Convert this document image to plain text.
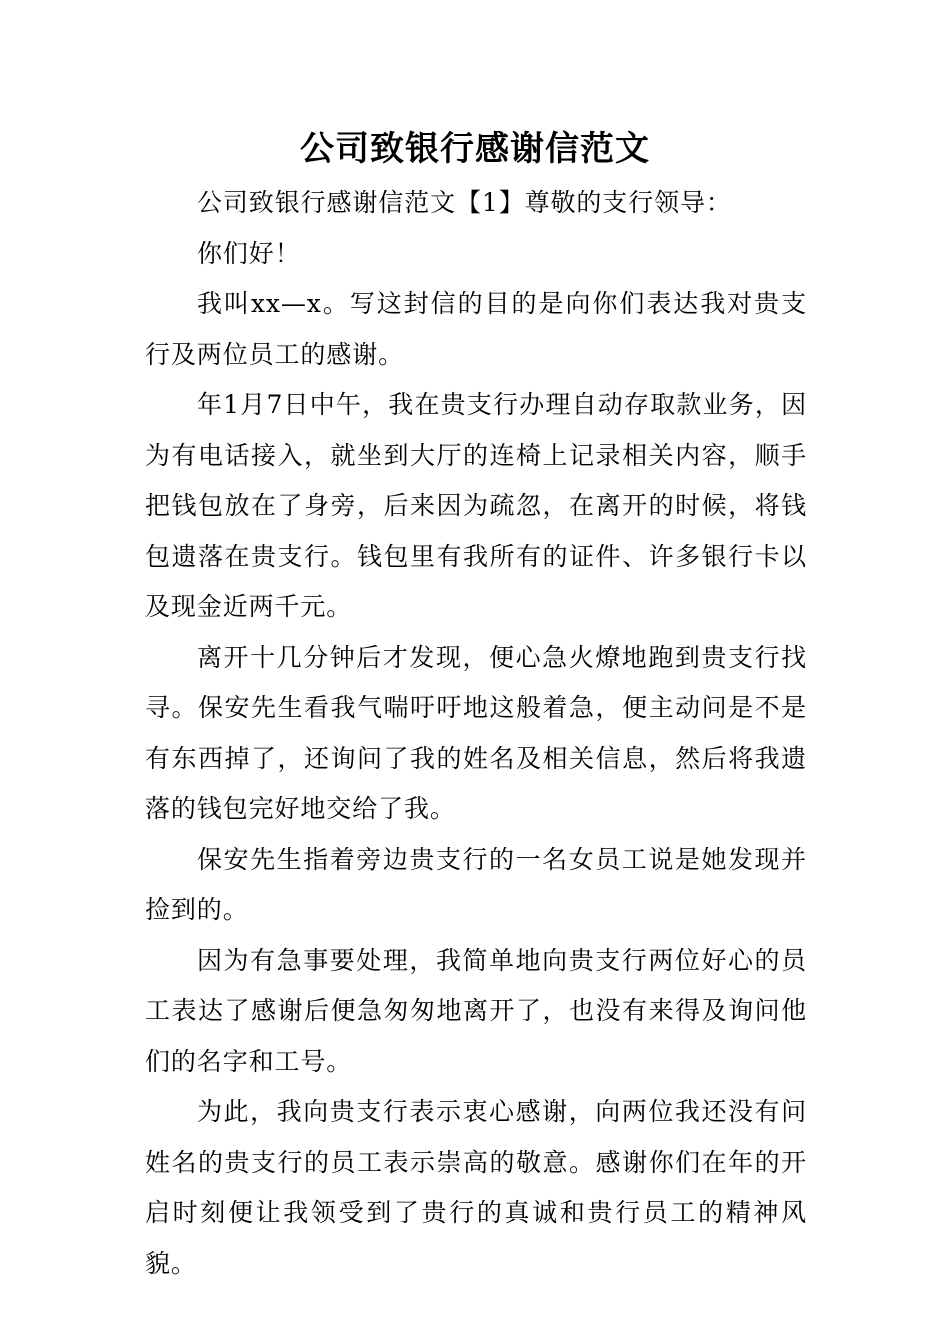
公司致银行感谢信范文

公司致银行感谢信范文【1】尊敬的支行领导：

你们好！

我叫xx—x。写这封信的目的是向你们表达我对贵支行及两位员工的感谢。

年1月7日中午，我在贵支行办理自动存取款业务，因为有电话接入，就坐到大厅的连椅上记录相关内容，顺手把钱包放在了身旁，后来因为疏忽，在离开的时候，将钱包遗落在贵支行。钱包里有我所有的证件、许多银行卡以及现金近两千元。

离开十几分钟后才发现，便心急火燎地跑到贵支行找寻。保安先生看我气喘吁吁地这般着急，便主动问是不是有东西掉了，还询问了我的姓名及相关信息，然后将我遗落的钱包完好地交给了我。

保安先生指着旁边贵支行的一名女员工说是她发现并捡到的。

因为有急事要处理，我简单地向贵支行两位好心的员工表达了感谢后便急匆匆地离开了，也没有来得及询问他们的名字和工号。

为此，我向贵支行表示衷心感谢，向两位我还没有问姓名的贵支行的员工表示崇高的敬意。感谢你们在年的开启时刻便让我领受到了贵行的真诚和贵行员工的精神风貌。
